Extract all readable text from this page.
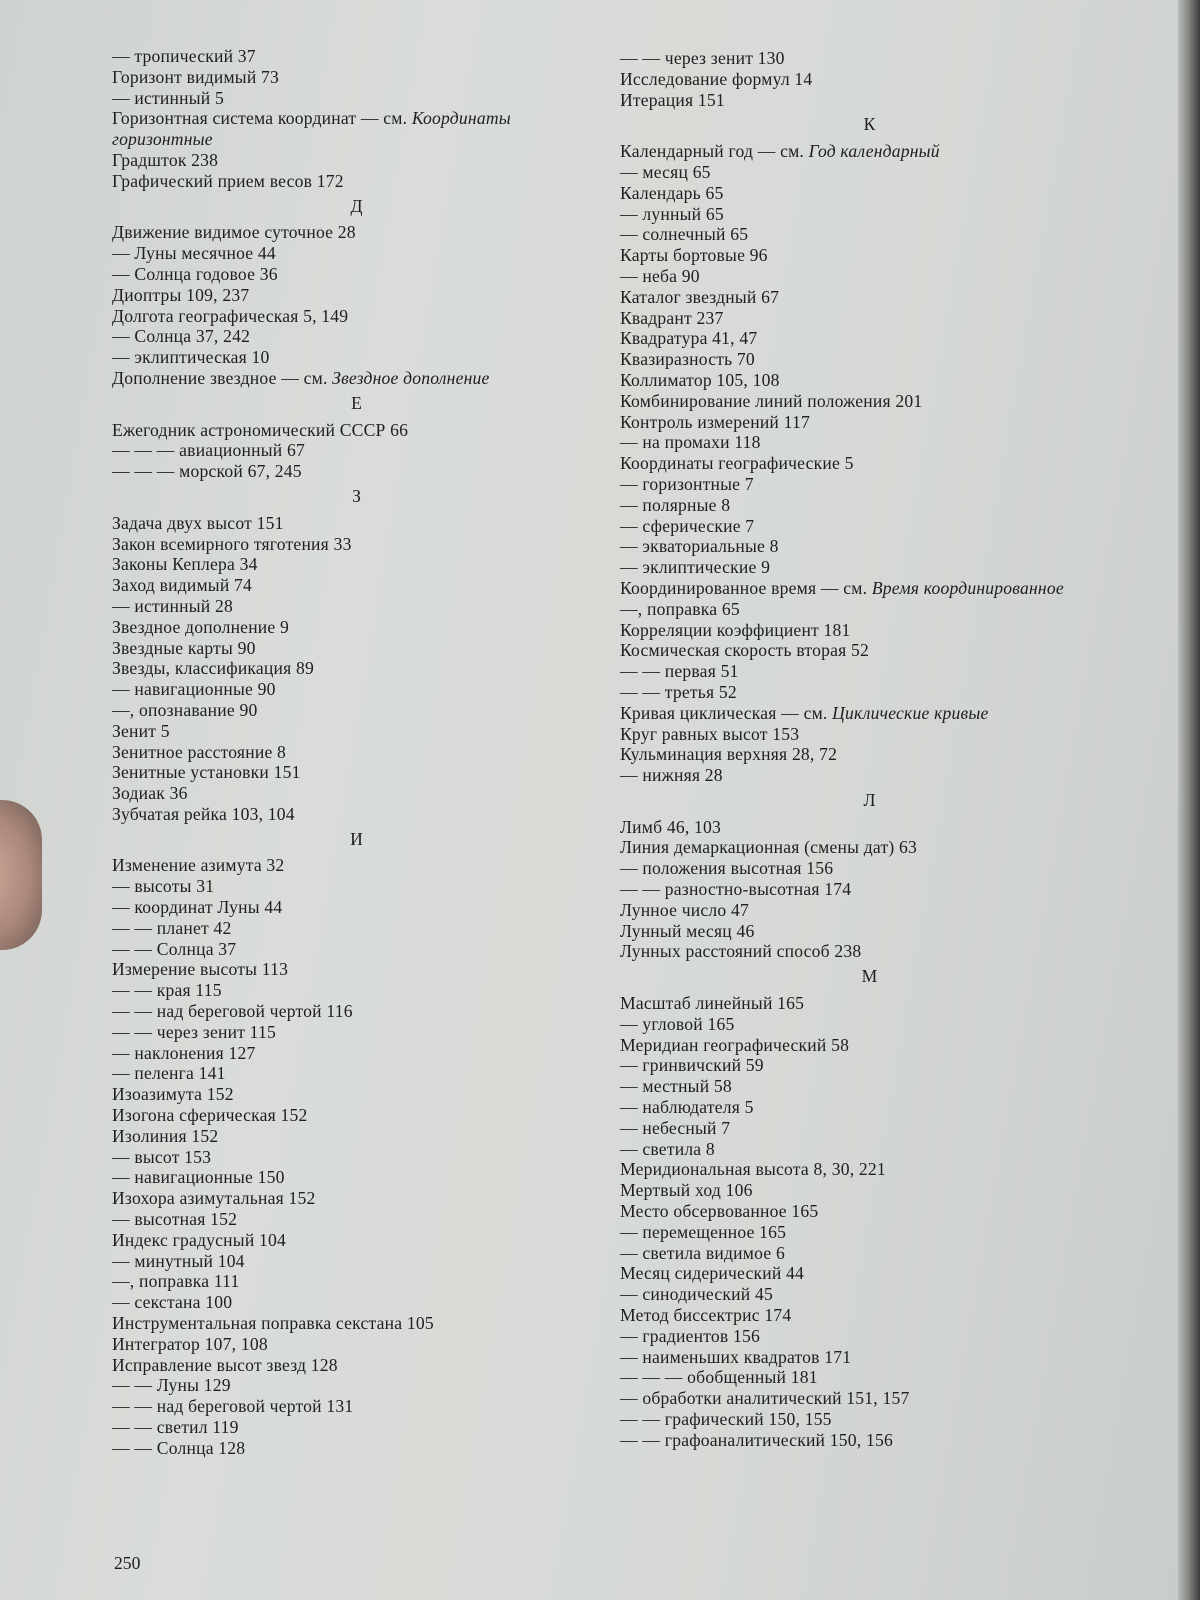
— тропический 37
Горизонт видимый 73
— истинный 5
Горизонтная система координат — см. Координаты горизонтные
Градшток 238
Графический прием весов 172
Д
Движение видимое суточное 28
— Луны месячное 44
— Солнца годовое 36
Диоптры 109, 237
Долгота географическая 5, 149
— Солнца 37, 242
— эклиптическая 10
Дополнение звездное — см. Звездное дополнение
Е
Ежегодник астрономический СССР 66
— — — авиационный 67
— — — морской 67, 245
З
Задача двух высот 151
Закон всемирного тяготения 33
Законы Кеплера 34
Заход видимый 74
— истинный 28
Звездное дополнение 9
Звездные карты 90
Звезды, классификация 89
— навигационные 90
—, опознавание 90
Зенит 5
Зенитное расстояние 8
Зенитные установки 151
Зодиак 36
Зубчатая рейка 103, 104
И
Изменение азимута 32
— высоты 31
— координат Луны 44
— — планет 42
— — Солнца 37
Измерение высоты 113
— — края 115
— — над береговой чертой 116
— — через зенит 115
— наклонения 127
— пеленга 141
Изоазимута 152
Изогона сферическая 152
Изолиния 152
— высот 153
— навигационные 150
Изохора азимутальная 152
— высотная 152
Индекс градусный 104
— минутный 104
—, поправка 111
— секстана 100
Инструментальная поправка секстана 105
Интегратор 107, 108
Исправление высот звезд 128
— — Луны 129
— — над береговой чертой 131
— — светил 119
— — Солнца 128
— — через зенит 130
Исследование формул 14
Итерация 151
К
Календарный год — см. Год календарный
— месяц 65
Календарь 65
— лунный 65
— солнечный 65
Карты бортовые 96
— неба 90
Каталог звездный 67
Квадрант 237
Квадратура 41, 47
Квазиразность 70
Коллиматор 105, 108
Комбинирование линий положения 201
Контроль измерений 117
— на промахи 118
Координаты географические 5
— горизонтные 7
— полярные 8
— сферические 7
— экваториальные 8
— эклиптические 9
Координированное время — см. Время координированное
—, поправка 65
Корреляции коэффициент 181
Космическая скорость вторая 52
— — первая 51
— — третья 52
Кривая циклическая — см. Циклические кривые
Круг равных высот 153
Кульминация верхняя 28, 72
— нижняя 28
Л
Лимб 46, 103
Линия демаркационная (смены дат) 63
— положения высотная 156
— — разностно-высотная 174
Лунное число 47
Лунный месяц 46
Лунных расстояний способ 238
М
Масштаб линейный 165
— угловой 165
Меридиан географический 58
— гринвичский 59
— местный 58
— наблюдателя 5
— небесный 7
— светила 8
Меридиональная высота 8, 30, 221
Мертвый ход 106
Место обсервованное 165
— перемещенное 165
— светила видимое 6
Месяц сидерический 44
— синодический 45
Метод биссектрис 174
— градиентов 156
— наименьших квадратов 171
— — — обобщенный 181
— обработки аналитический 151, 157
— — графический 150, 155
— — графоаналитический 150, 156
250
